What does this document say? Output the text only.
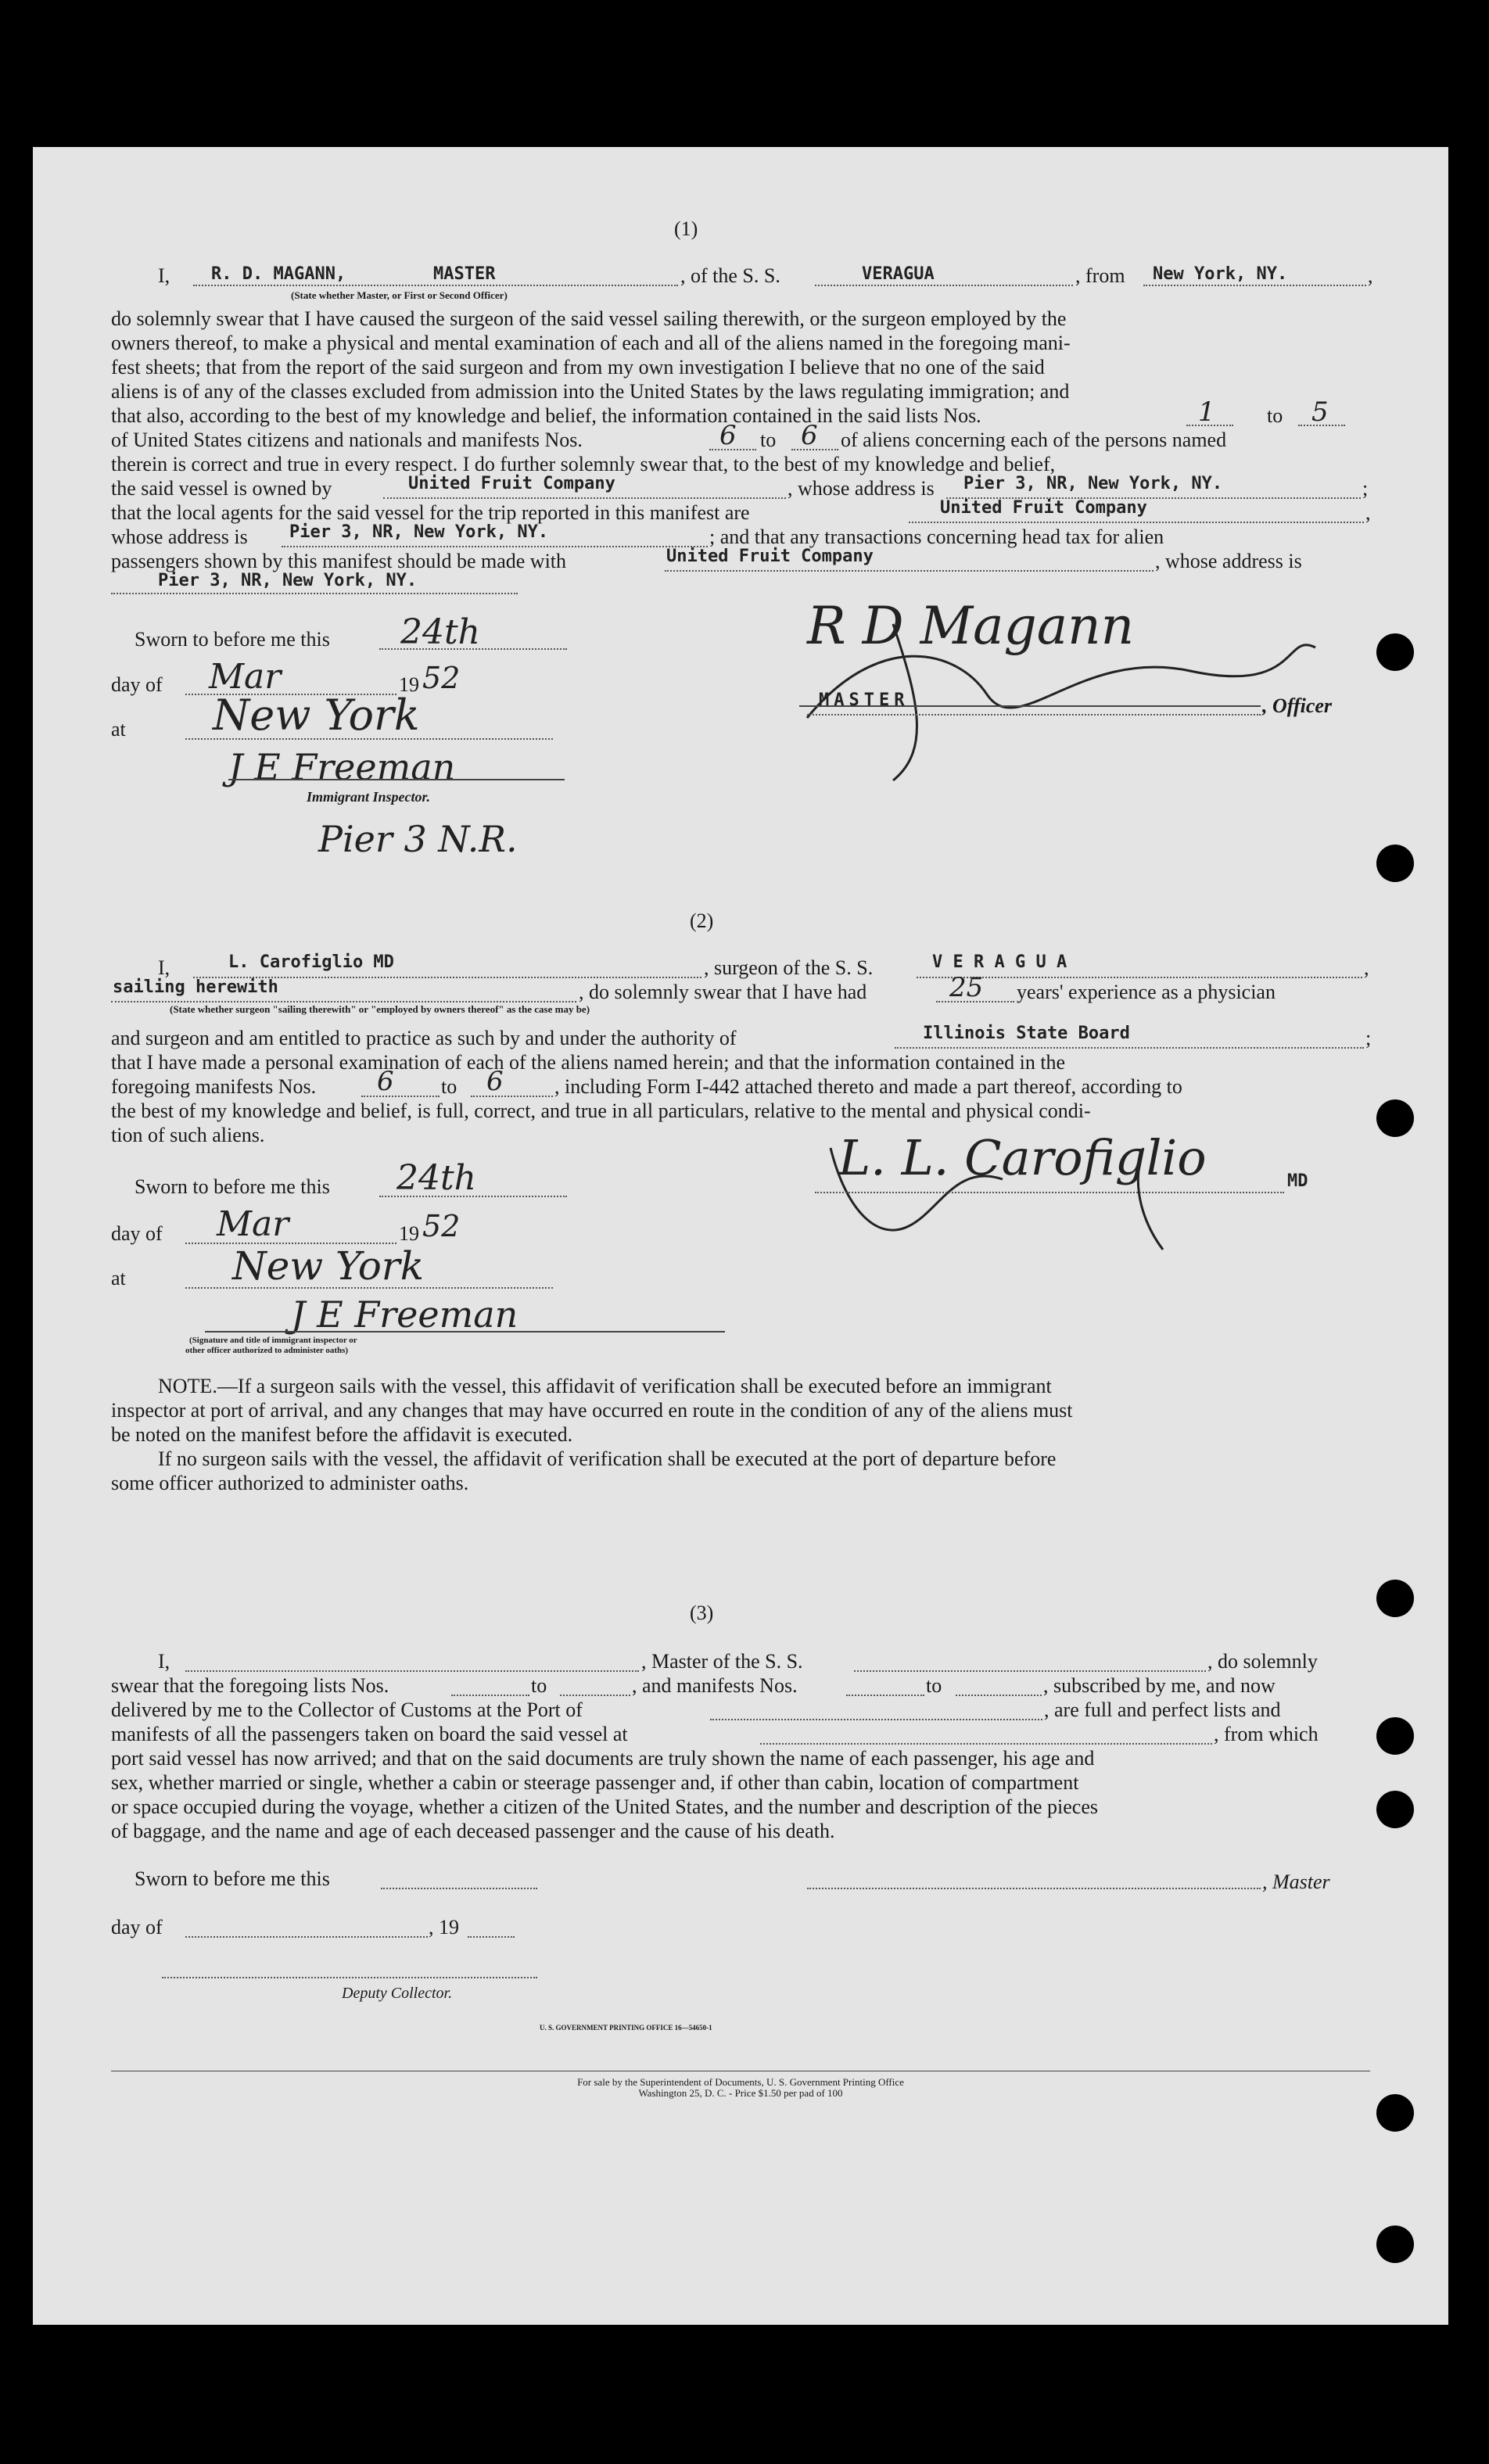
(1)
I, R. D. MAGANN,	MASTER
(State whether Master, or First or Second Officer)
, of the S. S.	VERAGUA	, from New York, NY.	,
do solemnly swear that I have caused the surgeon of the said vessel sailing therewith, or the surgeon employed by the
owners thereof, to make a physical and mental examination of each and all of the aliens named in the foregoing mani-
fest sheets; that from the report of the said surgeon and from my own investigation I believe that no one of the said
aliens is of any of the classes excluded from admission into the United States by the laws regulating immigration; and
that also, according to the best of my knowledge and belief, the information contained in the said lists Nos.	1	to 5
of United States citizens and nationals and manifests Nos.	6 to 6 of aliens concerning each of the persons named
therein is correct and true in every respect. I do further solemnly swear that, to the best of my knowledge and belief,
the said vessel is owned by	United Fruit Company	, whose address is Pier 3, NR, New York, NY.	;
that the local agents for the said vessel for the trip reported in this manifest are	United Fruit Company	,
whose address is Pier 3, NR, New York, NY.	; and that any transactions concerning head tax for alien
passengers shown by this manifest should be made with	United Fruit Company	, whose address is
Pier 3, NR, New York, NY.
Sworn to before me this 24th
day of Mar	19 52
at New York
J E Freeman
Immigrant Inspector.
Pier 3 N.R.
R D Magann
MASTER	, Officer
(2)
I,	L. Carofiglio MD	, surgeon of the S. S.	V E R A G U A	,
sailing herewith	, do solemnly swear that I have had	25 years' experience as a physician
(State whether surgeon "sailing therewith" or "employed by owners thereof" as the case may be)
and surgeon and am entitled to practice as such by and under the authority of	Illinois State Board	;
that I have made a personal examination of each of the aliens named herein; and that the information contained in the
foregoing manifests Nos. 6 to 6	, including Form I-442 attached thereto and made a part thereof, according to
the best of my knowledge and belief, is full, correct, and true in all particulars, relative to the mental and physical condi-
tion of such aliens.
Sworn to before me this 24th
day of Mar	19 52
at	New York
J E Freeman
(Signature and title of immigrant inspector or
other officer authorized to administer oaths)
L. L. Carofiglio	MD
NOTE.—If a surgeon sails with the vessel, this affidavit of verification shall be executed before an immigrant
inspector at port of arrival, and any changes that may have occurred en route in the condition of any of the aliens must
be noted on the manifest before the affidavit is executed.
If no surgeon sails with the vessel, the affidavit of verification shall be executed at the port of departure before
some officer authorized to administer oaths.
(3)
I,	, Master of the S. S.	, do solemnly
swear that the foregoing lists Nos.	to	, and manifests Nos.	to	, subscribed by me, and now
delivered by me to the Collector of Customs at the Port of	, are full and perfect lists and
manifests of all the passengers taken on board the said vessel at	, from which
port said vessel has now arrived; and that on the said documents are truly shown the name of each passenger, his age and
sex, whether married or single, whether a cabin or steerage passenger and, if other than cabin, location of compartment
or space occupied during the voyage, whether a citizen of the United States, and the number and description of the pieces
of baggage, and the name and age of each deceased passenger and the cause of his death.
Sworn to before me this	, Master
day of	, 19
Deputy Collector.
U. S. GOVERNMENT PRINTING OFFICE 16—54650-1
For sale by the Superintendent of Documents, U. S. Government Printing Office
Washington 25, D. C. - Price $1.50 per pad of 100
